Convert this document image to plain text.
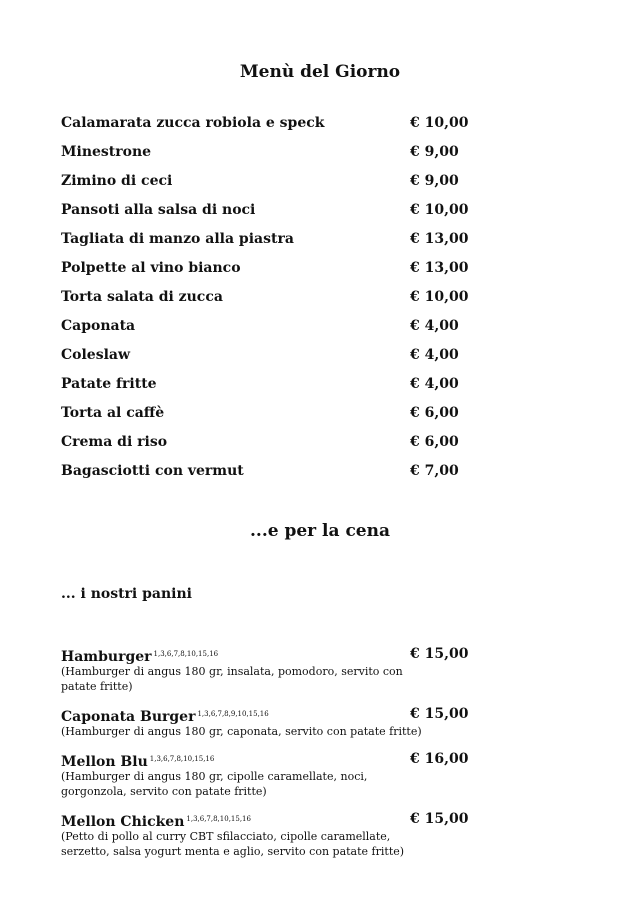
Menù del Giorno
Calamarata zucca robiola e speck	€ 10,00
Minestrone	€ 9,00
Zimino di ceci	€ 9,00
Pansoti alla salsa di noci	€ 10,00
Tagliata di manzo alla piastra	€ 13,00
Polpette al vino bianco	€ 13,00
Torta salata di zucca	€ 10,00
Caponata	€ 4,00
Coleslaw	€ 4,00
Patate fritte	€ 4,00
Torta al caffè	€ 6,00
Crema di riso	€ 6,00
Bagasciotti con vermut	€ 7,00
...e per la cena
... i nostri panini
Hamburger $^{1,3,6,7,8,10,15,16}$	€ 15,00
(Hamburger di angus 180 gr, insalata, pomodoro, servito con patate fritte)
Caponata Burger $^{1,3,6,7,8,9,10,15,16}$	€ 15,00
(Hamburger di angus 180 gr, caponata, servito con patate fritte)
Mellon Blu $^{1,3,6,7,8,10,15,16}$	€ 16,00
(Hamburger di angus 180 gr, cipolle caramellate, noci, gorgonzola, servito con patate fritte)
Mellon Chicken $^{1,3,6,7,8,10,15,16}$	€ 15,00
(Petto di pollo al curry CBT sfilacciato, cipolle caramellate, serzetto, salsa yogurt menta e aglio, servito con patate fritte)
